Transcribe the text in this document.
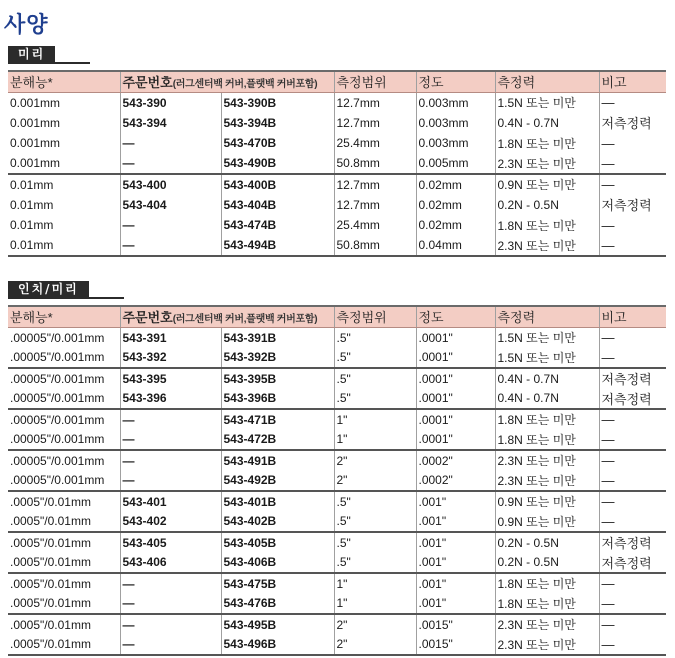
사양
미리
분해능*	주문번호(러그센터백 커버,플랫백 커버포함)		측정범위	정도	측정력	비고
0.001mm	543-390	543-390B	12.7mm	0.003mm	1.5N 또는 미만	—
0.001mm	543-394	543-394B	12.7mm	0.003mm	0.4N - 0.7N	저측정력
0.001mm	—	543-470B	25.4mm	0.003mm	1.8N 또는 미만	—
0.001mm	—	543-490B	50.8mm	0.005mm	2.3N 또는 미만	—
0.01mm	543-400	543-400B	12.7mm	0.02mm	0.9N 또는 미만	—
0.01mm	543-404	543-404B	12.7mm	0.02mm	0.2N - 0.5N	저측정력
0.01mm	—	543-474B	25.4mm	0.02mm	1.8N 또는 미만	—
0.01mm	—	543-494B	50.8mm	0.04mm	2.3N 또는 미만	—
인치/미리
분해능*	주문번호(러그센터백 커버,플랫백 커버포함)		측정범위	정도	측정력	비고
.00005"/0.001mm	543-391	543-391B	.5"	.0001"	1.5N 또는 미만	—
.00005"/0.001mm	543-392	543-392B	.5"	.0001"	1.5N 또는 미만	—
.00005"/0.001mm	543-395	543-395B	.5"	.0001"	0.4N - 0.7N	저측정력
.00005"/0.001mm	543-396	543-396B	.5"	.0001"	0.4N - 0.7N	저측정력
.00005"/0.001mm	—	543-471B	1"	.0001"	1.8N 또는 미만	—
.00005"/0.001mm	—	543-472B	1"	.0001"	1.8N 또는 미만	—
.00005"/0.001mm	—	543-491B	2"	.0002"	2.3N 또는 미만	—
.00005"/0.001mm	—	543-492B	2"	.0002"	2.3N 또는 미만	—
.0005"/0.01mm	543-401	543-401B	.5"	.001"	0.9N 또는 미만	—
.0005"/0.01mm	543-402	543-402B	.5"	.001"	0.9N 또는 미만	—
.0005"/0.01mm	543-405	543-405B	.5"	.001"	0.2N - 0.5N	저측정력
.0005"/0.01mm	543-406	543-406B	.5"	.001"	0.2N - 0.5N	저측정력
.0005"/0.01mm	—	543-475B	1"	.001"	1.8N 또는 미만	—
.0005"/0.01mm	—	543-476B	1"	.001"	1.8N 또는 미만	—
.0005"/0.01mm	—	543-495B	2"	.0015"	2.3N 또는 미만	—
.0005"/0.01mm	—	543-496B	2"	.0015"	2.3N 또는 미만	—
